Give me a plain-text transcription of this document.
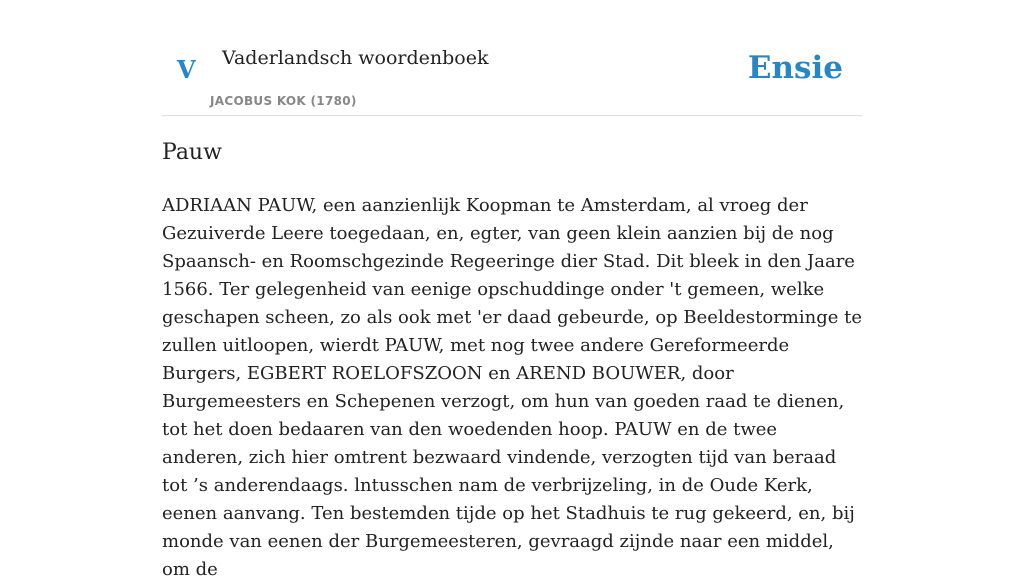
V Vaderlandsch woordenboek
JACOBUS KOK (1780)
Ensie
Pauw

ADRIAAN PAUW, een aanzienlijk Koopman te Amsterdam, al vroeg der Gezuiverde Leere toegedaan, en, egter, van geen klein aanzien bij de nog Spaansch- en Roomschgezinde Regeeringe dier Stad. Dit bleek in den Jaare 1566. Ter gelegenheid van eenige opschuddinge onder 't gemeen, welke geschapen scheen, zo als ook met 'er daad gebeurde, op Beeldestorminge te zullen uitloopen, wierdt PAUW, met nog twee andere Gereformeerde Burgers, EGBERT ROELOFSZOON en AREND BOUWER, door Burgemeesters en Schepenen verzogt, om hun van goeden raad te dienen, tot het doen bedaaren van den woedenden hoop. PAUW en de twee anderen, zich hier omtrent bezwaard vindende, verzogten tijd van beraad tot ’s anderendaags. lntusschen nam de verbrijzeling, in de Oude Kerk, eenen aanvang. Ten bestemden tijde op het Stadhuis te rug gekeerd, en, bij monde van eenen der Burgemeesteren, gevraagd zijnde naar een middel, om de
